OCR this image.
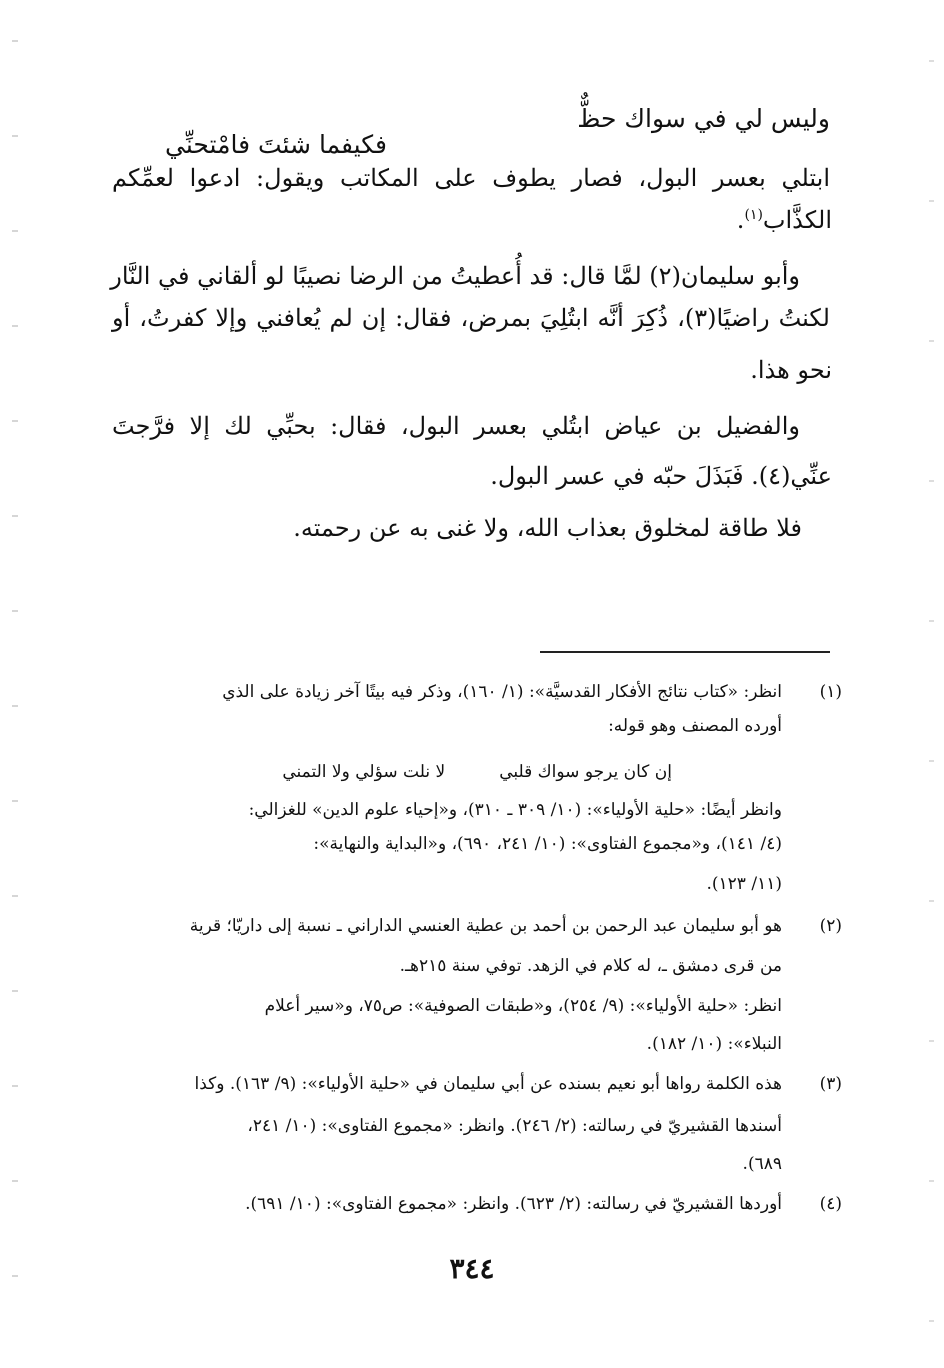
وليس لي في سواك حظٌّ
فكيفما شئتَ فامْتحنِّي
ابتلي بعسر البول، فصار يطوف على المكاتب ويقول: ادعوا لعمِّكم
الكذَّاب$^{(١)}$.
وأبو سليمان(٢) لمَّا قال: قد أُعطيتُ من الرضا نصيبًا لو ألقاني في النَّار
لكنتُ راضيًا(٣)، ذُكِرَ أنَّه ابتُلِيَ بمرض، فقال: إن لم يُعافني وإلا كفرتُ، أو
نحو هذا.
والفضيل بن عياض ابتُلي بعسر البول، فقال: بحبِّي لك إلا فرَّجتَ
عنِّي(٤). فَبَذَلَ حبّه في عسر البول.
فلا طاقة لمخلوق بعذاب الله، ولا غنى به عن رحمته.
(١)
انظر: «كتاب نتائج الأفكار القدسيَّة»: (١/ ١٦٠)، وذكر فيه بيتًا آخر زيادة على الذي
أورده المصنف وهو قوله:
إن كان يرجو سواك قلبي          لا نلت سؤلي ولا التمني
وانظر أيضًا: «حلية الأولياء»: (١٠/ ٣٠٩ ـ ٣١٠)، و«إحياء علوم الدين» للغزالي:
(٤/ ١٤١)، و«مجموع الفتاوى»: (١٠/ ٢٤١، ٦٩٠)، و«البداية والنهاية»:
(١١/ ١٢٣).
(٢)
هو أبو سليمان عبد الرحمن بن أحمد بن عطية العنسي الداراني ـ نسبة إلى داريّا؛ قرية
من قرى دمشق ـ، له كلام في الزهد. توفي سنة ٢١٥هـ.
انظر: «حلية الأولياء»: (٩/ ٢٥٤)، و«طبقات الصوفية»: ص٧٥، و«سير أعلام
النبلاء»: (١٠/ ١٨٢).
(٣)
هذه الكلمة رواها أبو نعيم بسنده عن أبي سليمان في «حلية الأولياء»: (٩/ ١٦٣). وكذا
أسندها القشيريّ في رسالته: (٢/ ٢٤٦). وانظر: «مجموع الفتاوى»: (١٠/ ٢٤١،
٦٨٩).
(٤)
أوردها القشيريّ في رسالته: (٢/ ٦٢٣). وانظر: «مجموع الفتاوى»: (١٠/ ٦٩١).
٣٤٤
